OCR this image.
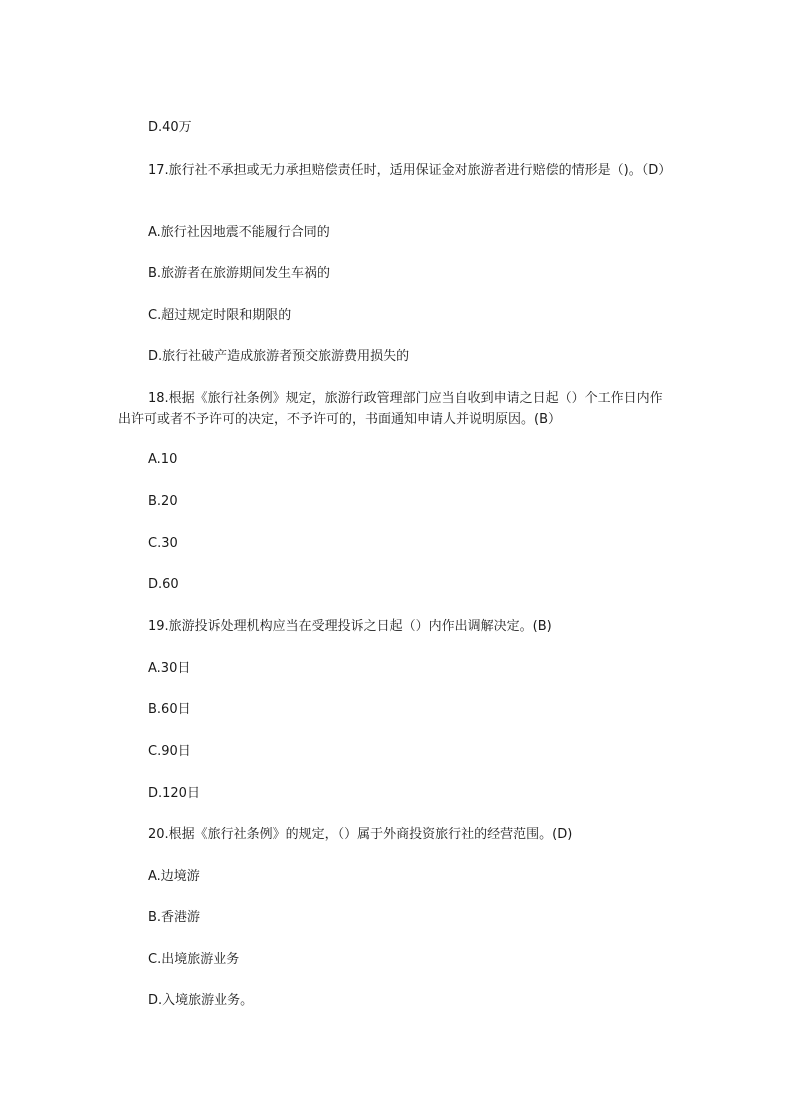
D.40万
17.旅行社不承担或无力承担赔偿责任时，适用保证金对旅游者进行赔偿的情形是（)。（D）
A.旅行社因地震不能履行合同的
B.旅游者在旅游期间发生车祸的
C.超过规定时限和期限的
D.旅行社破产造成旅游者预交旅游费用损失的
18.根据《旅行社条例》规定，旅游行政管理部门应当自收到申请之日起（）个工作日内作出许可或者不予许可的决定，不予许可的，书面通知申请人并说明原因。(B）
A.10
B.20
C.30
D.60
19.旅游投诉处理机构应当在受理投诉之日起（）内作出调解决定。(B)
A.30日
B.60日
C.90日
D.120日
20.根据《旅行社条例》的规定，（）属于外商投资旅行社的经营范围。(D)
A.边境游
B.香港游
C.出境旅游业务
D.入境旅游业务。
